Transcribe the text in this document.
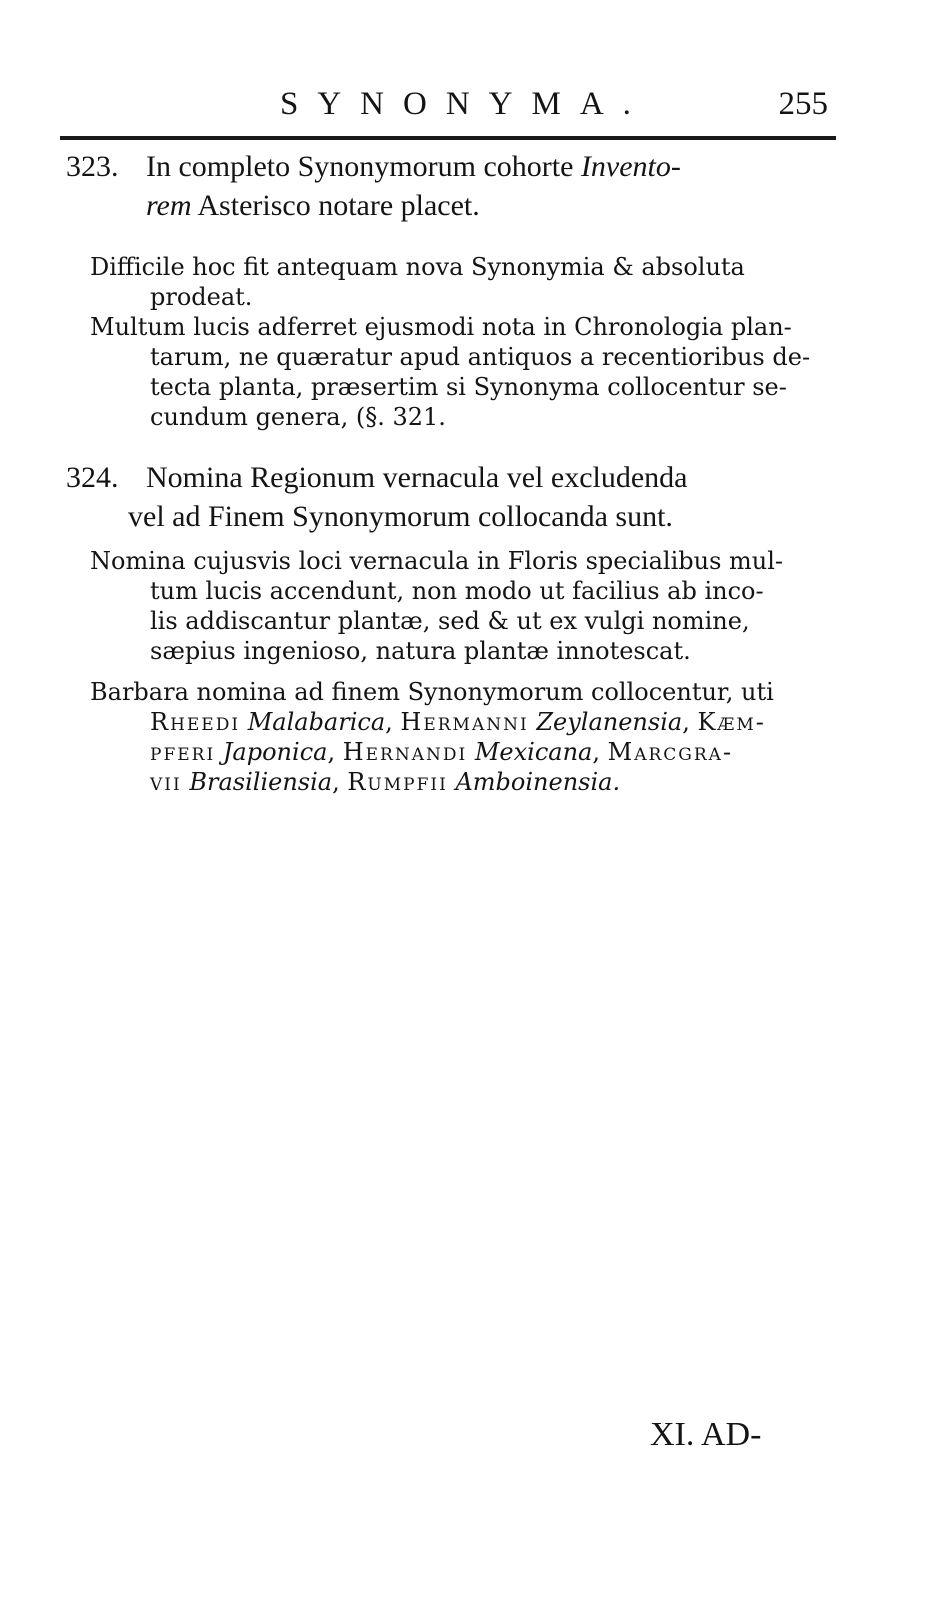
SYNONYMA.	255
323. In completo Synonymorum cohorte Invento-
rem Asterisco notare placet.
Difficile hoc fit antequam nova Synonymia & absoluta
prodeat.
Multum lucis adferret ejusmodi nota in Chronologia plan-
tarum, ne quæratur apud antiquos a recentioribus de-
tecta planta, præsertim si Synonyma collocentur se-
cundum genera, (§. 321.
324. Nomina Regionum vernacula vel excludenda
vel ad Finem Synonymorum collocanda sunt.
Nomina cujusvis loci vernacula in Floris specialibus mul-
tum lucis accendunt, non modo ut facilius ab inco-
lis addiscantur plantæ, sed & ut ex vulgi nomine,
sæpius ingenioso, natura plantæ innotescat.
Barbara nomina ad finem Synonymorum collocentur, uti
Rheedi Malabarica, Hermanni Zeylanensia, Kæm-
pferi Japonica, Hernandi Mexicana, Marcgra-
vii Brasiliensia, Rumpfii Amboinensia.
XI. AD-
